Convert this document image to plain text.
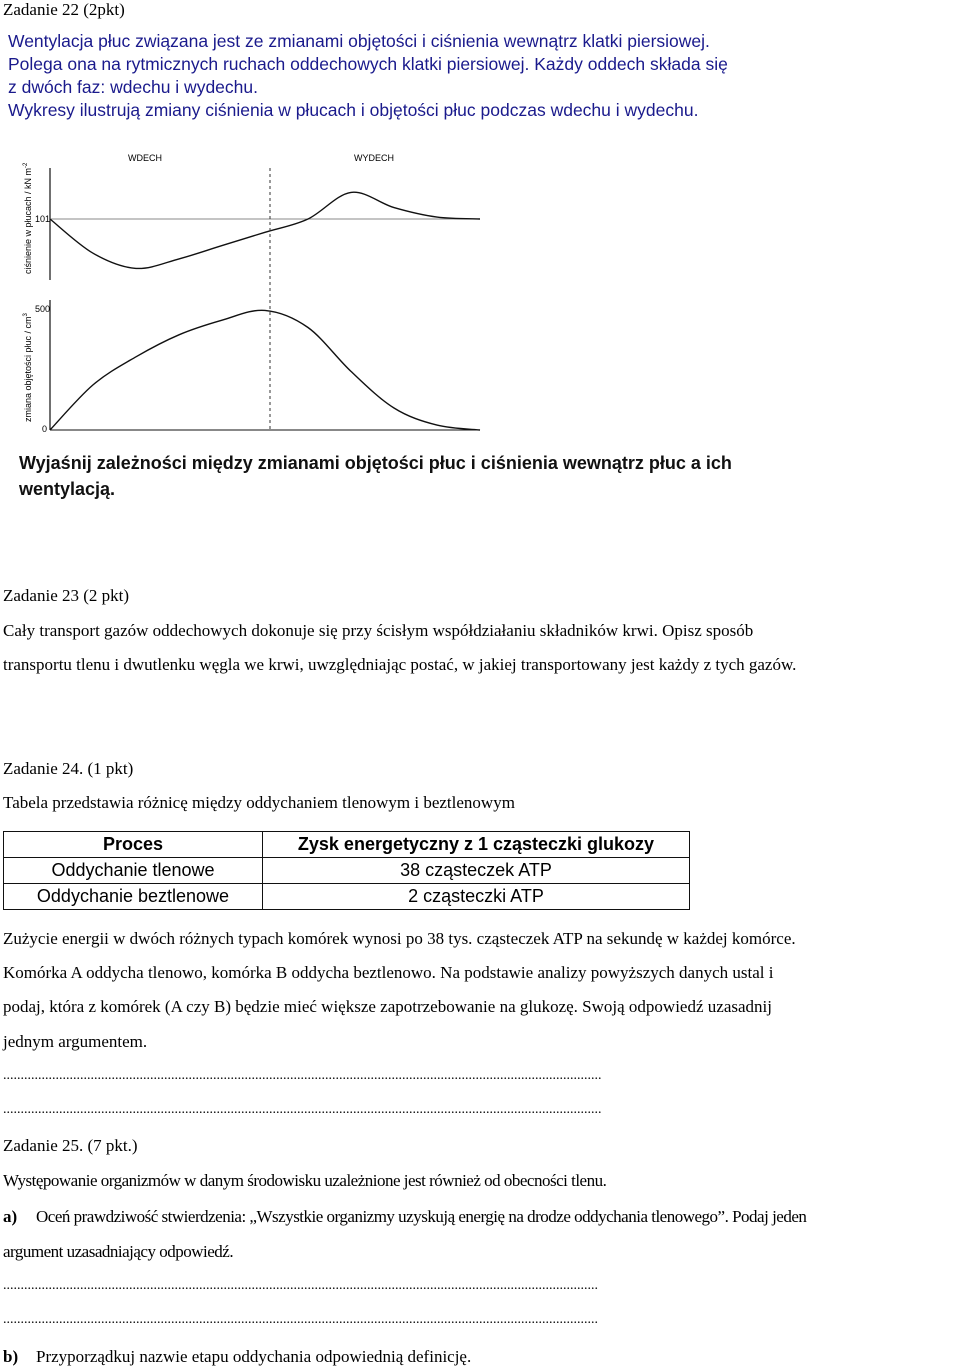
Zadanie 22 (2pkt)
Wentylacja płuc związana jest ze zmianami objętości i ciśnienia wewnątrz klatki piersiowej.
Polega ona na rytmicznych ruchach oddechowych klatki piersiowej. Każdy oddech składa się
z dwóch faz: wdechu i wydechu.
Wykresy ilustrują zmiany ciśnienia w płucach i objętości płuc podczas wdechu i wydechu.
WDECH	WYDECH
101
ciśnienie w płucach / kN $m^{-2}$
500
0
zmiana objętości płuc / $cm^3$
Wyjaśnij zależności między zmianami objętości płuc i ciśnienia wewnątrz płuc a ich
wentylacją.
Zadanie 23 (2 pkt)
Cały transport gazów oddechowych dokonuje się przy ścisłym współdziałaniu składników krwi. Opisz sposób
transportu tlenu i dwutlenku węgla we krwi, uwzględniając postać, w jakiej transportowany jest każdy z tych gazów.
Zadanie 24. (1 pkt)
Tabela przedstawia różnicę między oddychaniem tlenowym i beztlenowym
Proces	Zysk energetyczny z 1 cząsteczki glukozy
Oddychanie tlenowe	38 cząsteczek ATP
Oddychanie beztlenowe	2 cząsteczki ATP
Zużycie energii w dwóch różnych typach komórek wynosi po 38 tys. cząsteczek ATP na sekundę w każdej komórce.
Komórka A oddycha tlenowo, komórka B oddycha beztlenowo. Na podstawie analizy powyższych danych ustal i
podaj, która z komórek (A czy B) będzie mieć większe zapotrzebowanie na glukozę. Swoją odpowiedź uzasadnij
jednym argumentem.
...........................................................................................................................................................................
...........................................................................................................................................................................
Zadanie 25. (7 pkt.)
Występowanie organizmów w danym środowisku uzależnione jest również od obecności tlenu.
a) Oceń prawdziwość stwierdzenia: „Wszystkie organizmy uzyskują energię na drodze oddychania tlenowego”. Podaj jeden
argument uzasadniający odpowiedź.
..........................................................................................................................................................................
..........................................................................................................................................................................
b) Przyporządkuj nazwie etapu oddychania odpowiednią definicję.
